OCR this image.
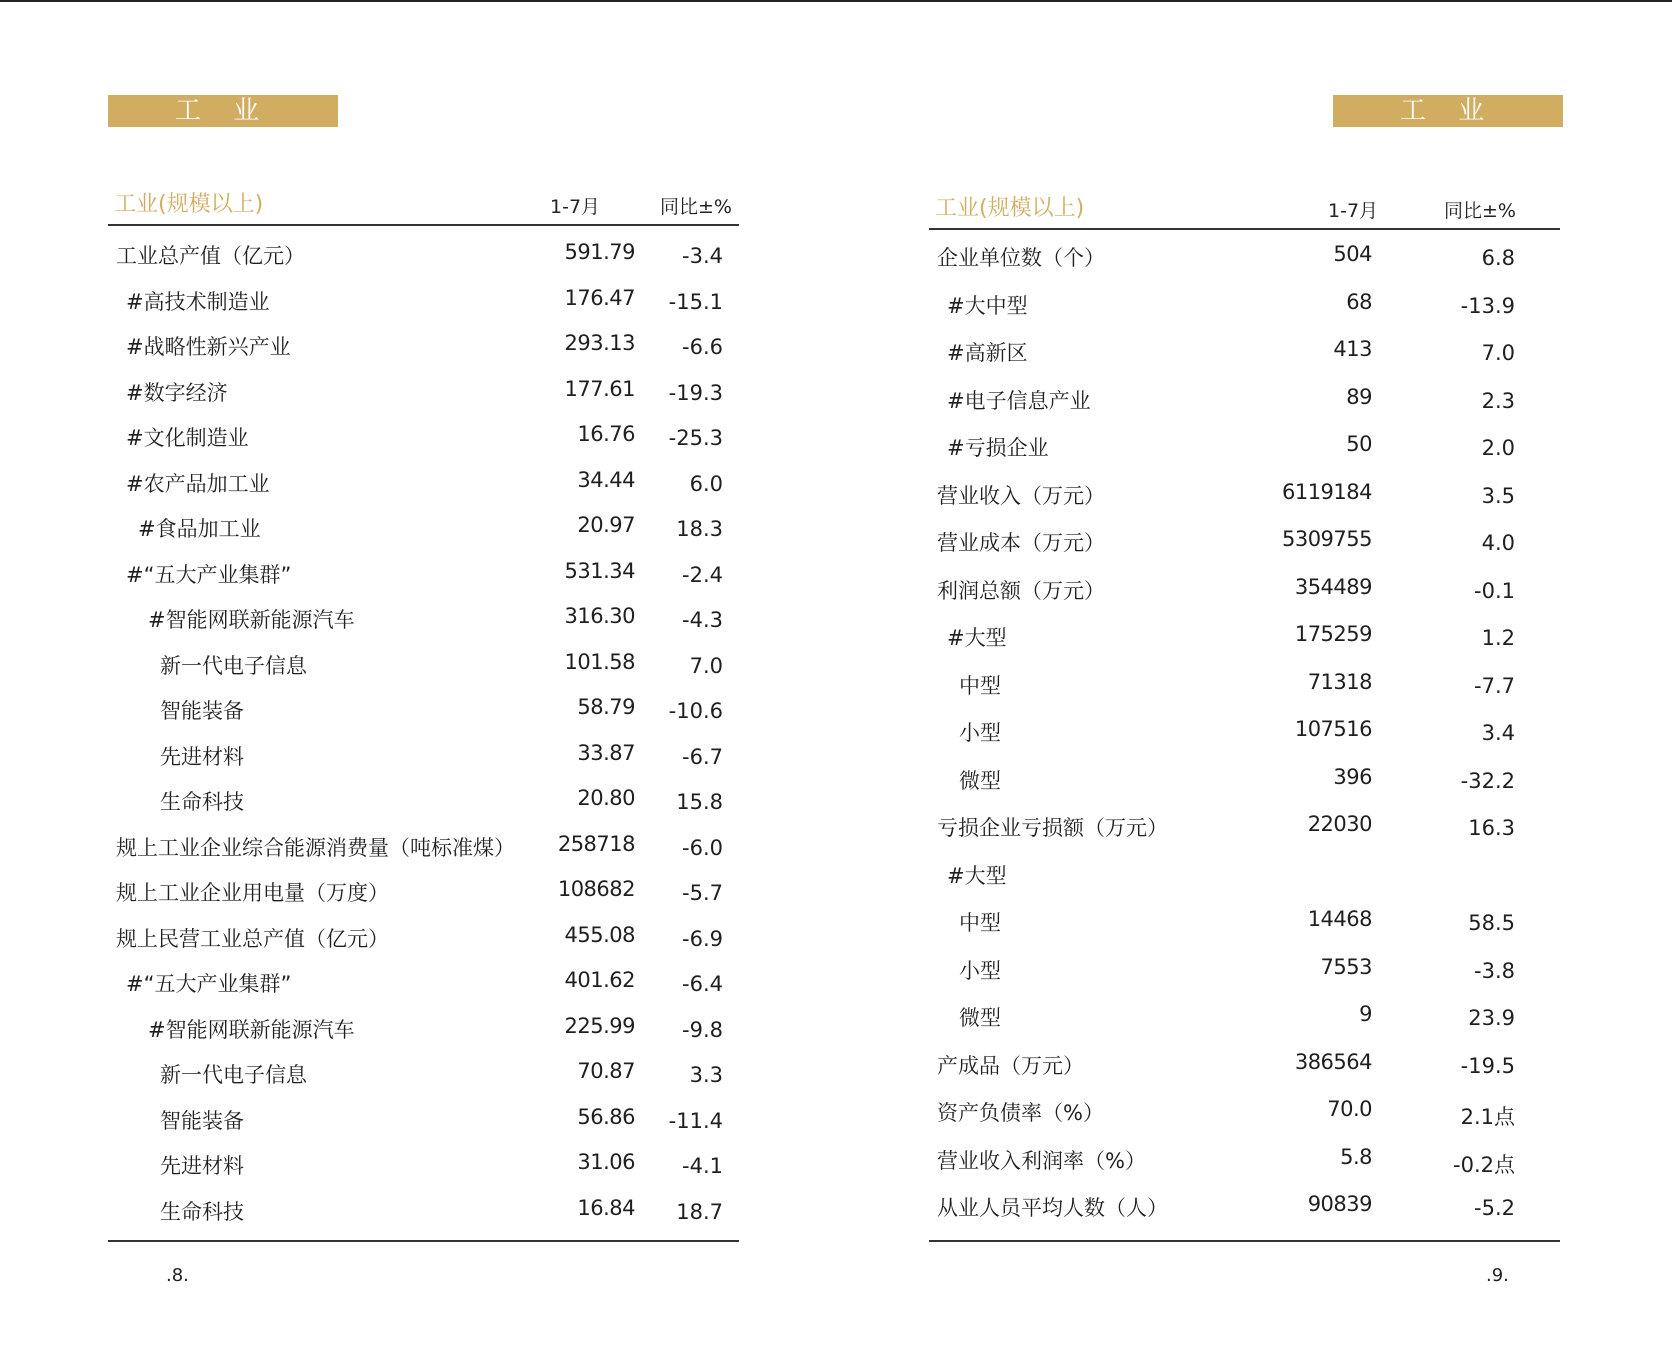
工 业
工业(规模以上)	1-7月	同比±%
工业总产值（亿元）	591.79	-3.4
#高技术制造业	176.47	-15.1
#战略性新兴产业	293.13	-6.6
#数字经济	177.61	-19.3
#文化制造业	16.76	-25.3
#农产品加工业	34.44	6.0
#食品加工业	20.97	18.3
#“五大产业集群”	531.34	-2.4
#智能网联新能源汽车	316.30	-4.3
新一代电子信息	101.58	7.0
智能装备	58.79	-10.6
先进材料	33.87	-6.7
生命科技	20.80	15.8
规上工业企业综合能源消费量（吨标准煤）	258718	-6.0
规上工业企业用电量（万度）	108682	-5.7
规上民营工业总产值（亿元）	455.08	-6.9
#“五大产业集群”	401.62	-6.4
#智能网联新能源汽车	225.99	-9.8
新一代电子信息	70.87	3.3
智能装备	56.86	-11.4
先进材料	31.06	-4.1
生命科技	16.84	18.7
.8.
工 业
工业(规模以上)	1-7月	同比±%
企业单位数（个）	504	6.8
#大中型	68	-13.9
#高新区	413	7.0
#电子信息产业	89	2.3
#亏损企业	50	2.0
营业收入（万元）	6119184	3.5
营业成本（万元）	5309755	4.0
利润总额（万元）	354489	-0.1
#大型	175259	1.2
中型	71318	-7.7
小型	107516	3.4
微型	396	-32.2
亏损企业亏损额（万元）	22030	16.3
#大型
中型	14468	58.5
小型	7553	-3.8
微型	9	23.9
产成品（万元）	386564	-19.5
资产负债率（%）	70.0	2.1点
营业收入利润率（%）	5.8	-0.2点
从业人员平均人数（人）	90839	-5.2
.9.
